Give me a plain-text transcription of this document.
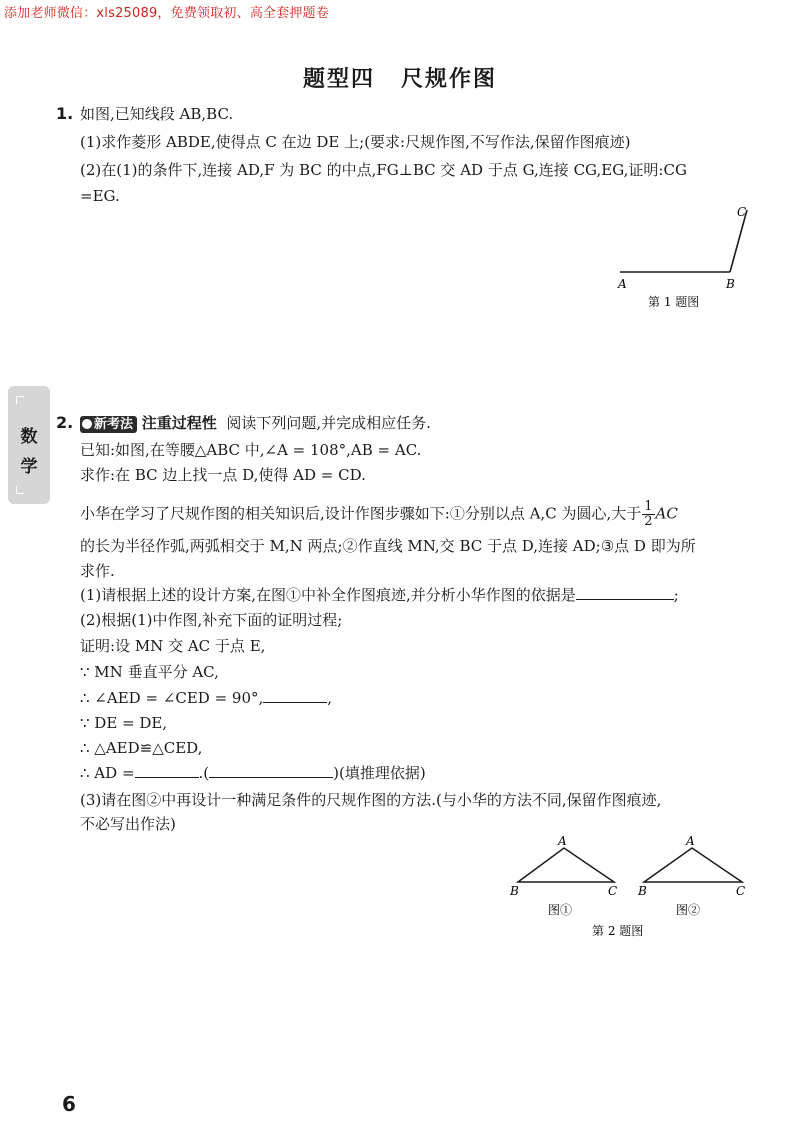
添加老师微信：xls25089，免费领取初、高全套押题卷
题型四 尺规作图
数
学
1. 如图,已知线段 AB,BC.
(1)求作菱形 ABDE,使得点 C 在边 DE 上;(要求:尺规作图,不写作法,保留作图痕迹)
(2)在(1)的条件下,连接 AD,F 为 BC 的中点,FG⊥BC 交 AD 于点 G,连接 CG,EG,证明:CG
=EG.
A	B
C
第 1 题图
2.	新考法 注重过程性 阅读下列问题,并完成相应任务.
已知:如图,在等腰△ABC 中,∠A = 108°,AB = AC.
求作:在 BC 边上找一点 D,使得 AD = CD.
小华在学习了尺规作图的相关知识后,设计作图步骤如下:①分别以点 A,C 为圆心,大于 $\frac{1}{2}$ AC
的长为半径作弧,两弧相交于 M,N 两点;②作直线 MN,交 BC 于点 D,连接 AD;③点 D 即为所
求作.
(1)请根据上述的设计方案,在图①中补全作图痕迹,并分析小华作图的依据是	;
(2)根据(1)中作图,补充下面的证明过程;
证明:设 MN 交 AC 于点 E,
∵ MN 垂直平分 AC,
∴ ∠AED = ∠CED = 90°,	,
∵ DE = DE,
∴ △AED≌△CED,
∴ AD =	.(	)(填推理依据)
(3)请在图②中再设计一种满足条件的尺规作图的方法.(与小华的方法不同,保留作图痕迹,
不必写出作法)
A
B	C
图①
A
B	C
图②
第 2 题图
6
